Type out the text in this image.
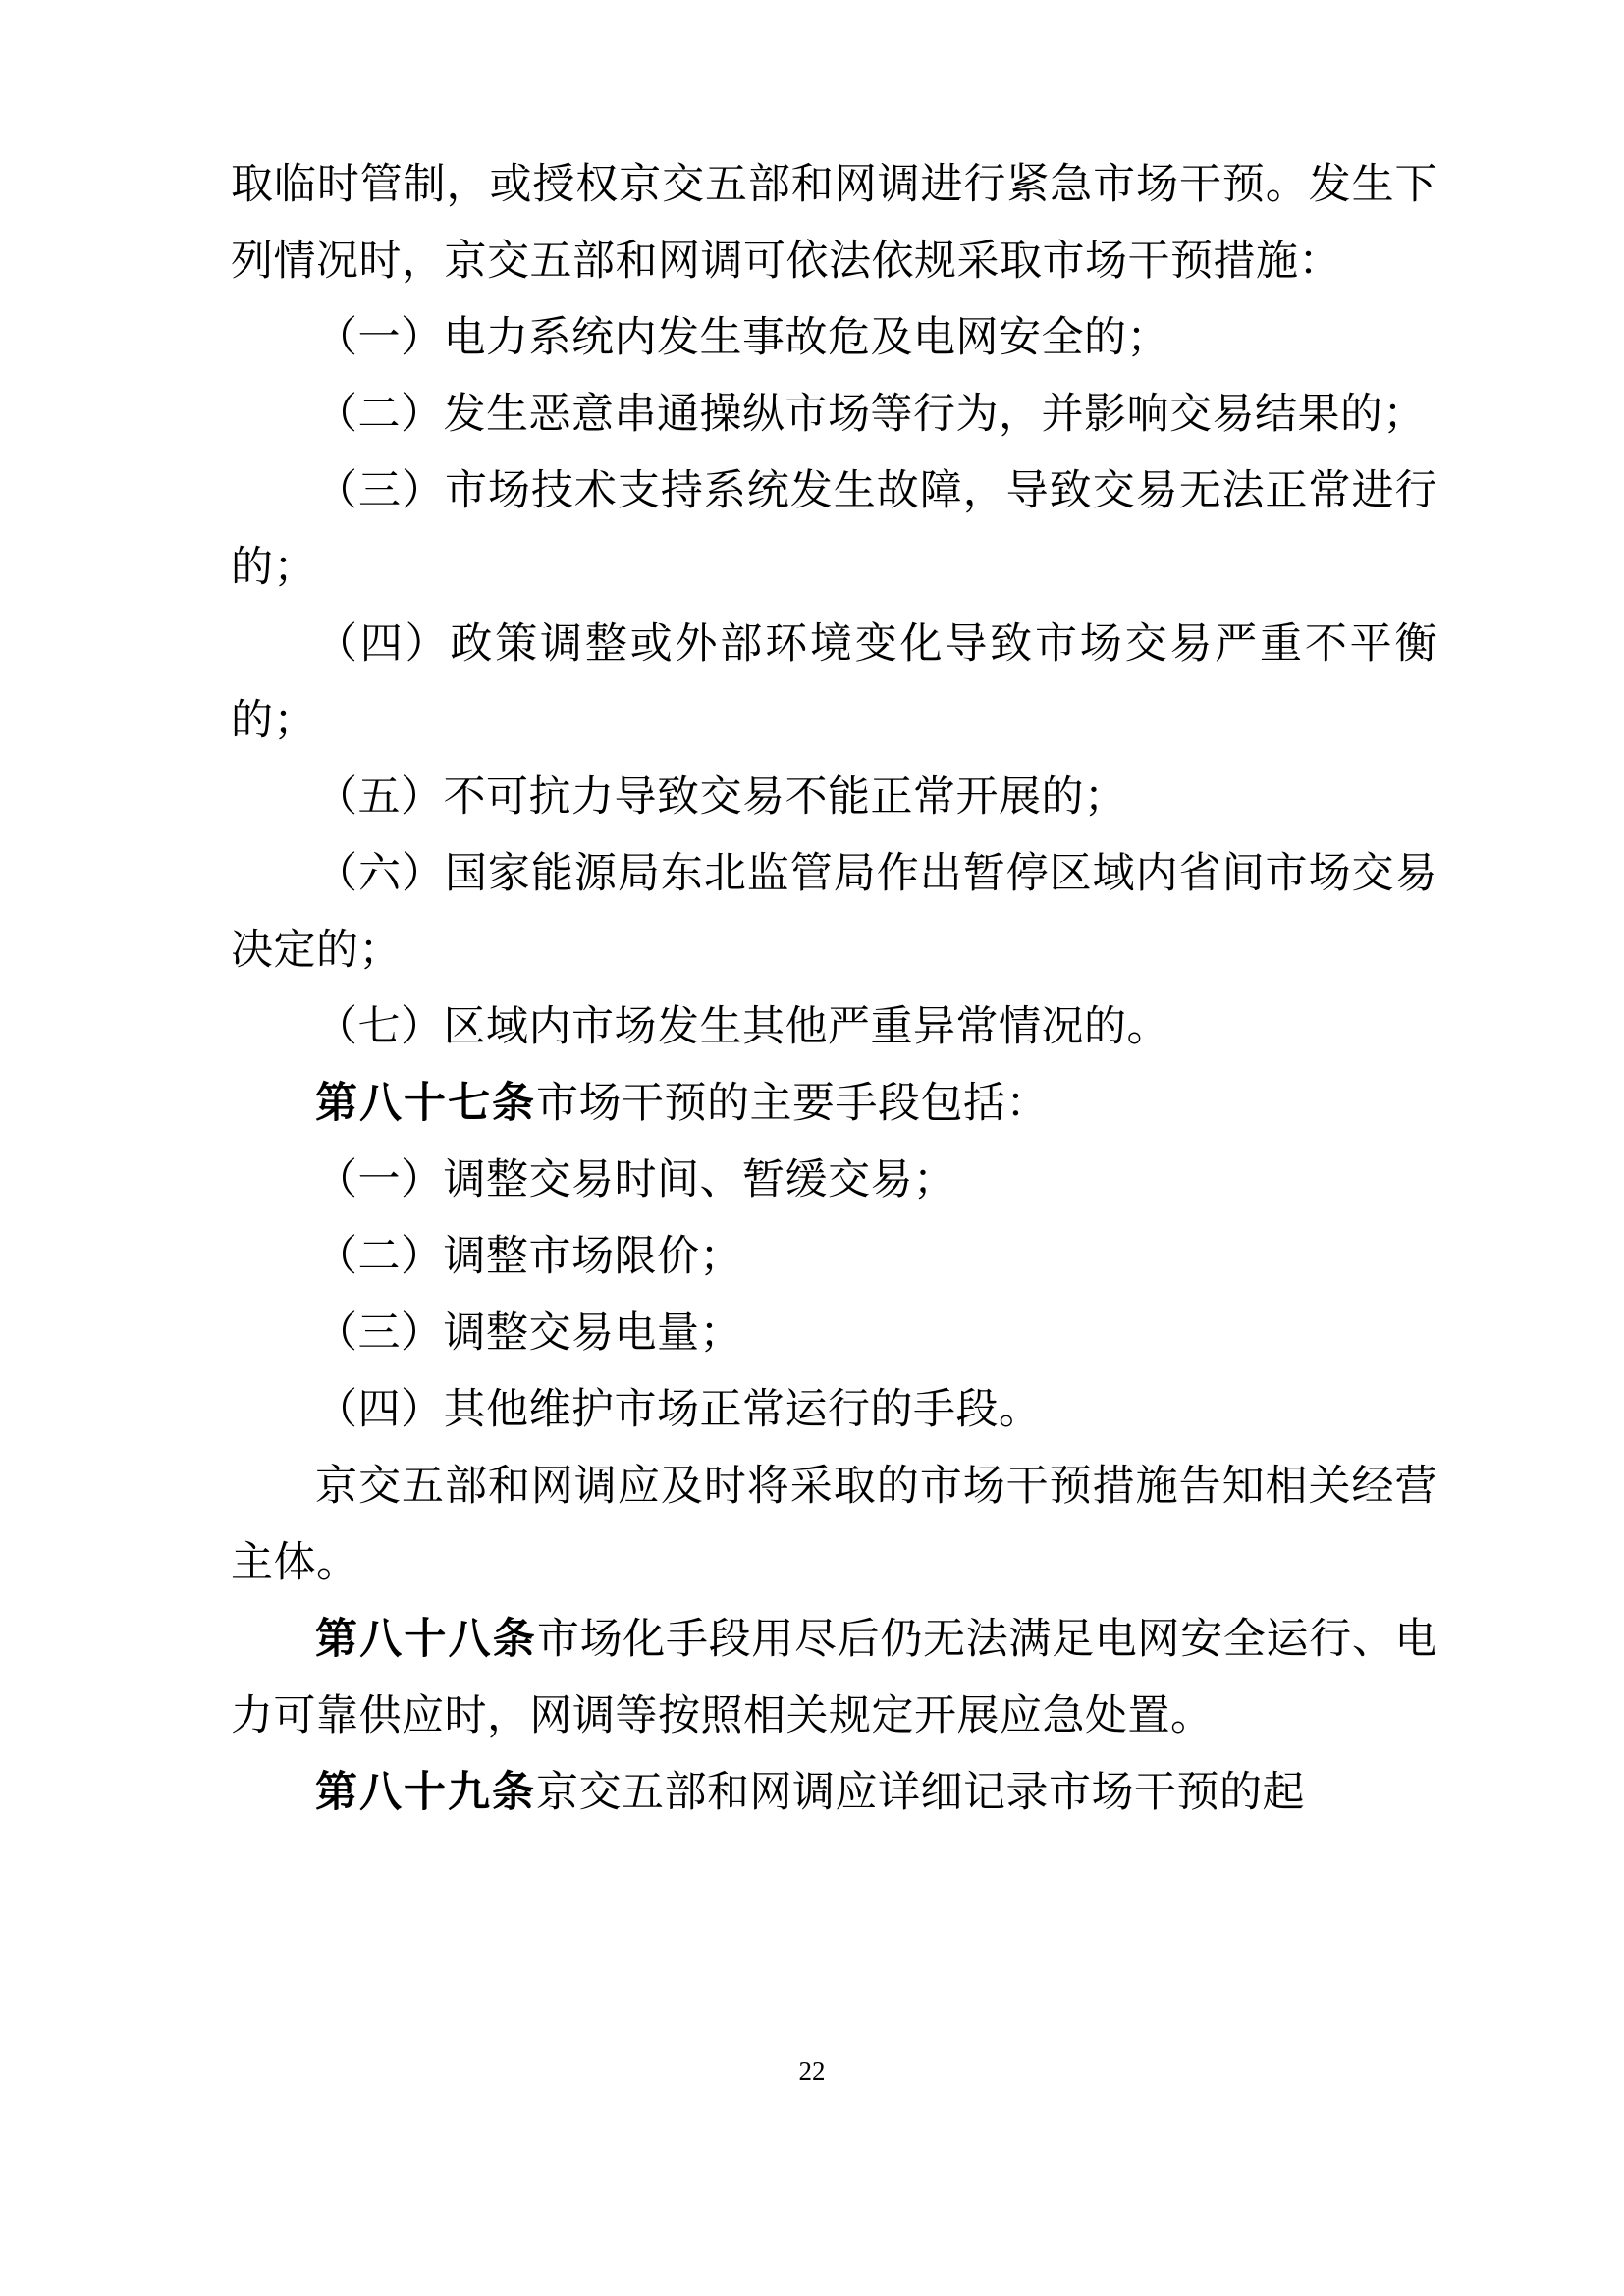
取临时管制，或授权京交五部和网调进行紧急市场干预。发生下列情况时，京交五部和网调可依法依规采取市场干预措施：

（一）电力系统内发生事故危及电网安全的；

（二）发生恶意串通操纵市场等行为，并影响交易结果的；

（三）市场技术支持系统发生故障，导致交易无法正常进行的；

（四）政策调整或外部环境变化导致市场交易严重不平衡的；

（五）不可抗力导致交易不能正常开展的；

（六）国家能源局东北监管局作出暂停区域内省间市场交易决定的；

（七）区域内市场发生其他严重异常情况的。

第八十七条市场干预的主要手段包括：

（一）调整交易时间、暂缓交易；

（二）调整市场限价；

（三）调整交易电量；

（四）其他维护市场正常运行的手段。

京交五部和网调应及时将采取的市场干预措施告知相关经营主体。

第八十八条市场化手段用尽后仍无法满足电网安全运行、电力可靠供应时，网调等按照相关规定开展应急处置。

第八十九条京交五部和网调应详细记录市场干预的起

22
